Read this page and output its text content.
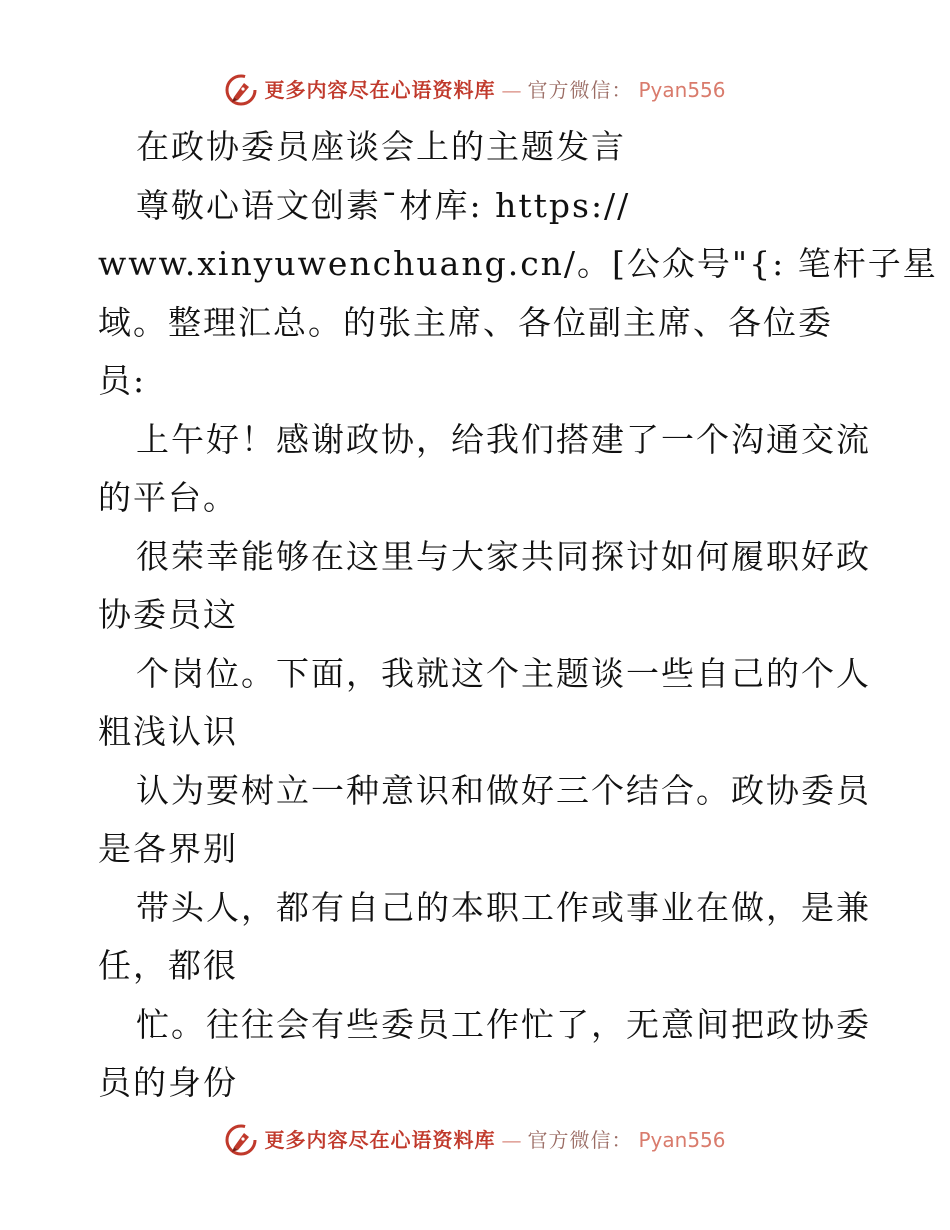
更多内容尽在心语资料库 — 官方微信： Pyan556
在政协委员座谈会上的主题发言
尊敬心语文创素¯材库: https://
www.xinyuwenchuang.cn/。[公众号"{: 笔杆子星
域。整理汇总。的张主席、各位副主席、各位委
员:
上午好！感谢政协，给我们搭建了一个沟通交流
的平台。
很荣幸能够在这里与大家共同探讨如何履职好政
协委员这
个岗位。下面，我就这个主题谈一些自己的个人
粗浅认识
认为要树立一种意识和做好三个结合。政协委员
是各界别
带头人，都有自己的本职工作或事业在做，是兼
任，都很
忙。往往会有些委员工作忙了，无意间把政协委
员的身份
更多内容尽在心语资料库 — 官方微信： Pyan556
